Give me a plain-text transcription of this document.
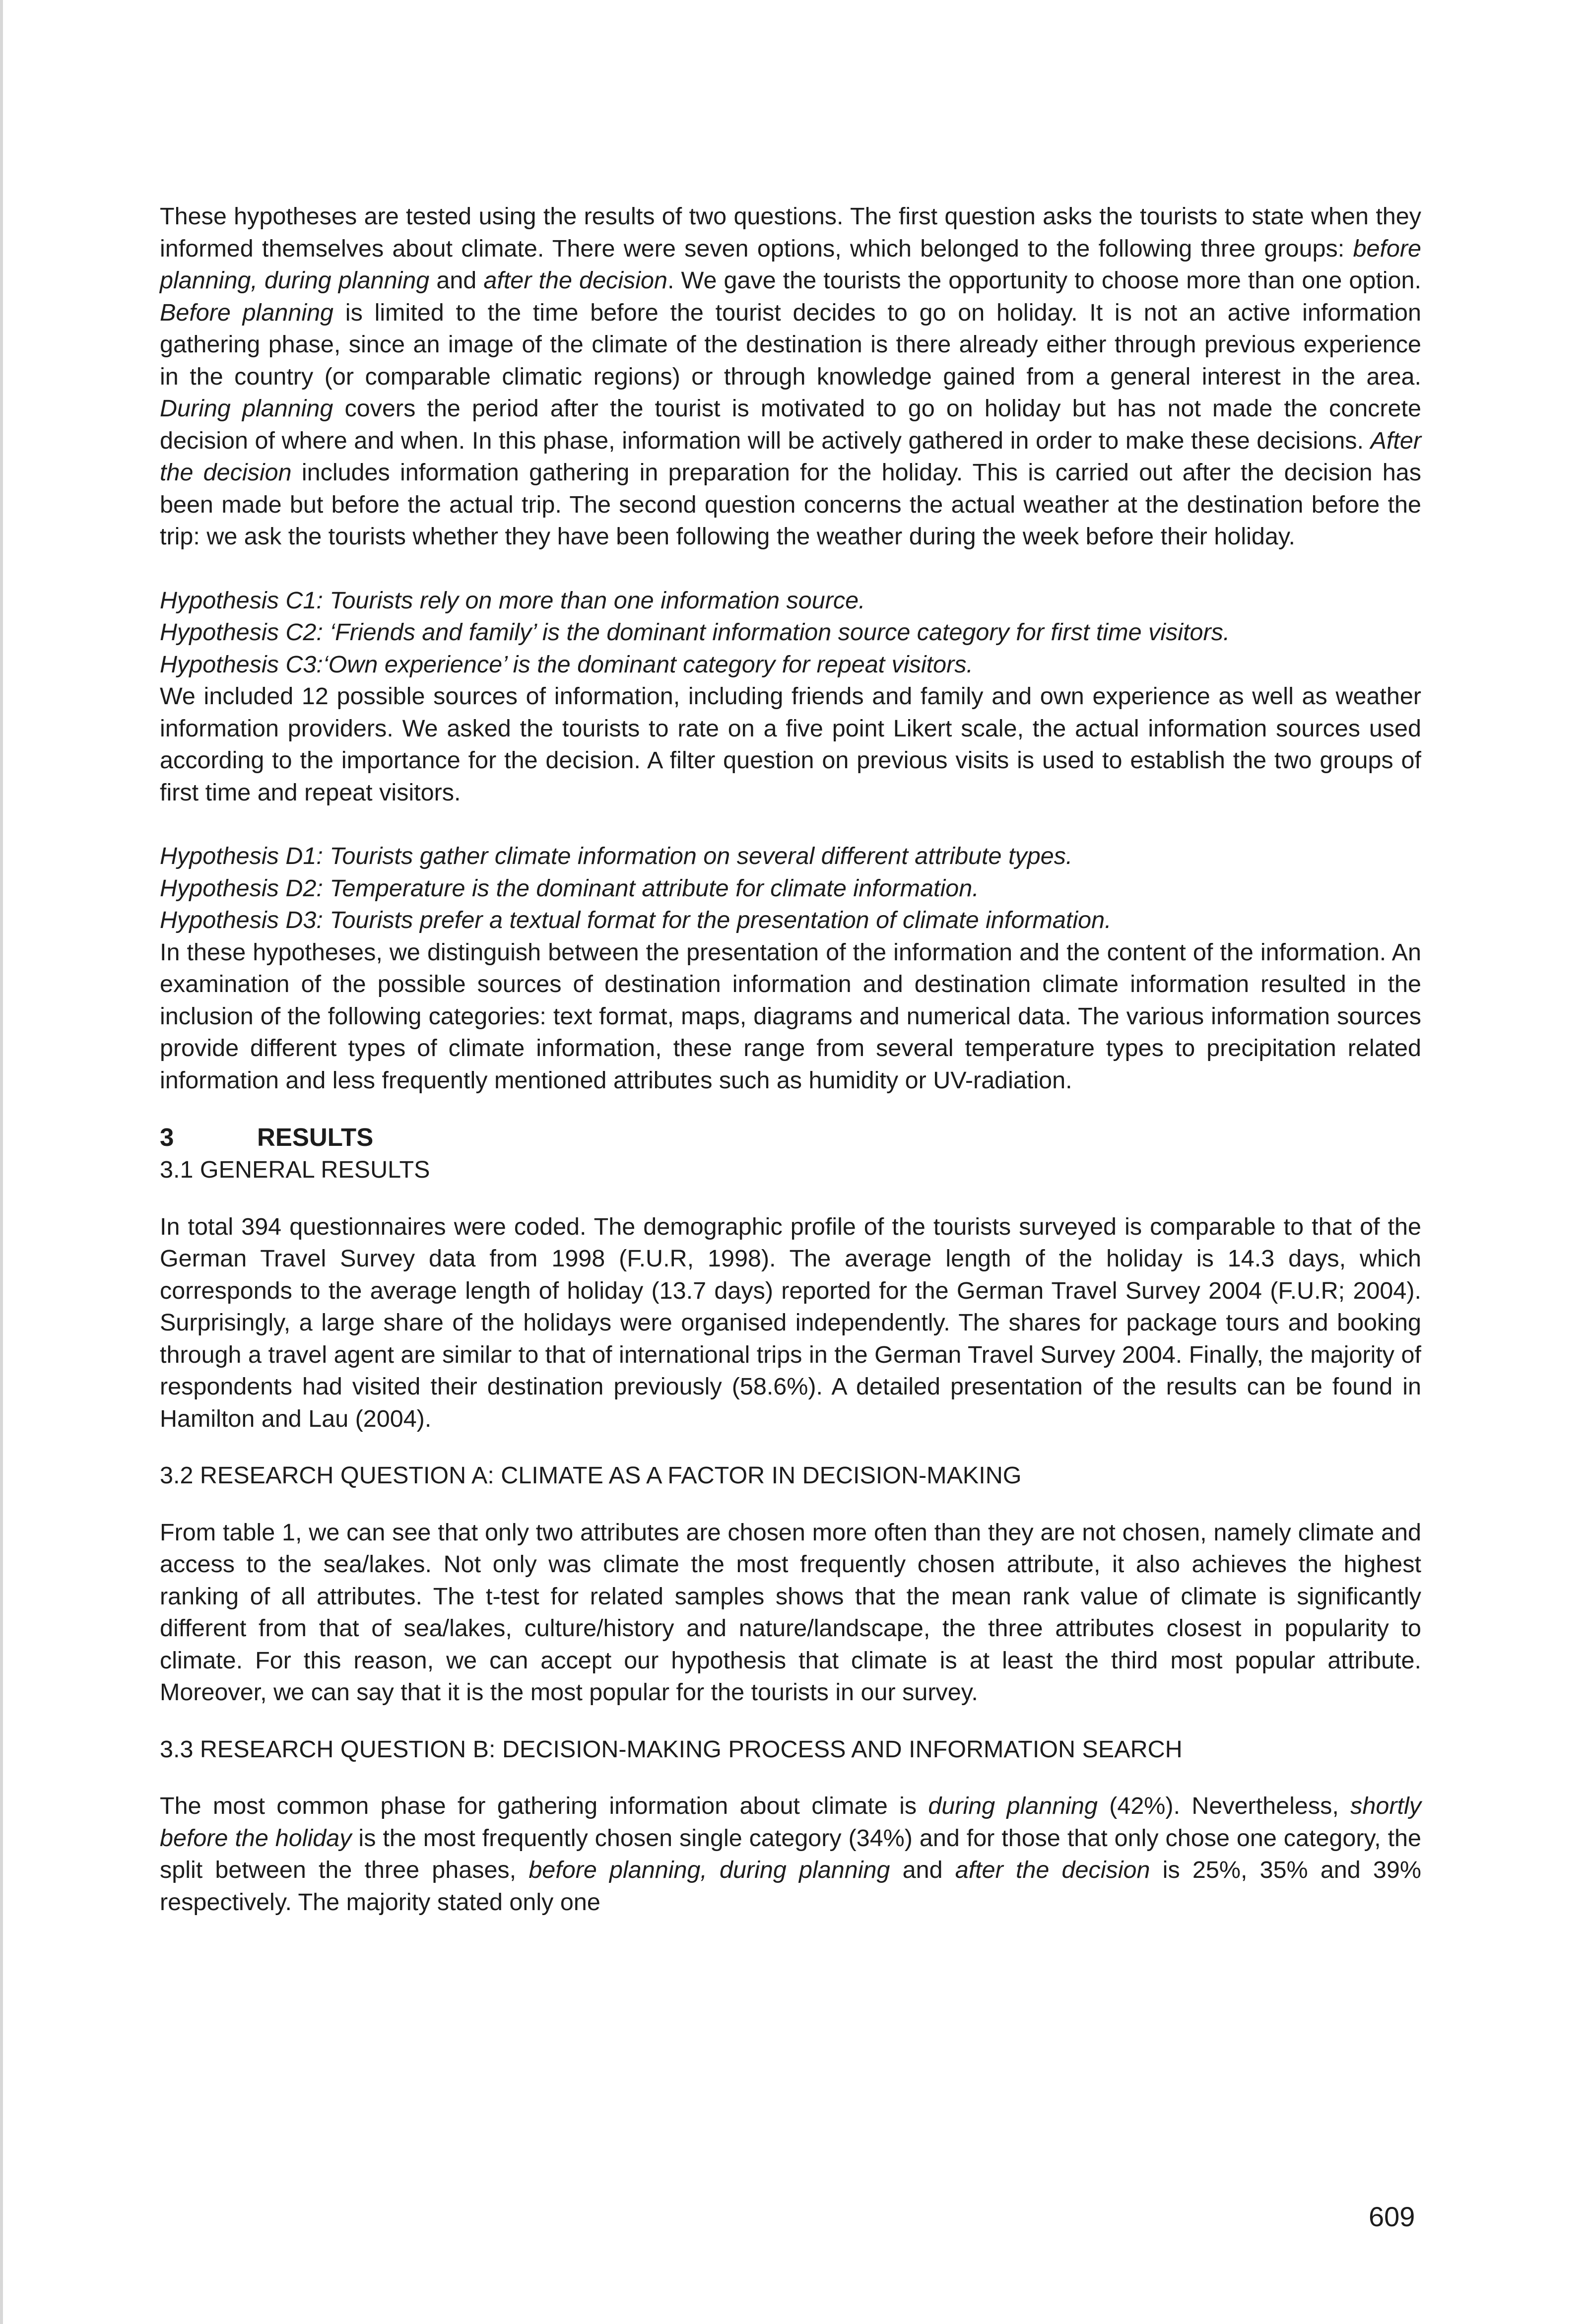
These hypotheses are tested using the results of two questions. The first question asks the tourists to state when they informed themselves about climate. There were seven options, which belonged to the following three groups: before planning, during planning and after the decision. We gave the tourists the opportunity to choose more than one option. Before planning is limited to the time before the tourist decides to go on holiday. It is not an active information gathering phase, since an image of the climate of the destination is there already either through previous experience in the country (or comparable climatic regions) or through knowledge gained from a general interest in the area. During planning covers the period after the tourist is motivated to go on holiday but has not made the concrete decision of where and when. In this phase, information will be actively gathered in order to make these decisions. After the decision includes information gathering in preparation for the holiday. This is carried out after the decision has been made but before the actual trip. The second question concerns the actual weather at the destination before the trip: we ask the tourists whether they have been following the weather during the week before their holiday.

Hypothesis C1: Tourists rely on more than one information source.

Hypothesis C2: ‘Friends and family’ is the dominant information source category for first time visitors.

Hypothesis C3:‘Own experience’ is the dominant category for repeat visitors.

We included 12 possible sources of information, including friends and family and own experience as well as weather information providers. We asked the tourists to rate on a five point Likert scale, the actual information sources used according to the importance for the decision. A filter question on previous visits is used to establish the two groups of first time and repeat visitors.

Hypothesis D1: Tourists gather climate information on several different attribute types.

Hypothesis D2: Temperature is the dominant attribute for climate information.

Hypothesis D3: Tourists prefer a textual format for the presentation of climate information.

In these hypotheses, we distinguish between the presentation of the information and the content of the information. An examination of the possible sources of destination information and destination climate information resulted in the inclusion of the following categories: text format, maps, diagrams and numerical data. The various information sources provide different types of climate information, these range from several temperature types to precipitation related information and less frequently mentioned attributes such as humidity or UV-radiation.

3	RESULTS

3.1 GENERAL RESULTS

In total 394 questionnaires were coded. The demographic profile of the tourists surveyed is comparable to that of the German Travel Survey data from 1998 (F.U.R, 1998). The average length of the holiday is 14.3 days, which corresponds to the average length of holiday (13.7 days) reported for the German Travel Survey 2004 (F.U.R; 2004). Surprisingly, a large share of the holidays were organised independently. The shares for package tours and booking through a travel agent are similar to that of international trips in the German Travel Survey 2004. Finally, the majority of respondents had visited their destination previously (58.6%). A detailed presentation of the results can be found in Hamilton and Lau (2004).

3.2 RESEARCH QUESTION A: CLIMATE AS A FACTOR IN DECISION-MAKING

From table 1, we can see that only two attributes are chosen more often than they are not chosen, namely climate and access to the sea/lakes. Not only was climate the most frequently chosen attribute, it also achieves the highest ranking of all attributes. The t-test for related samples shows that the mean rank value of climate is significantly different from that of sea/lakes, culture/history and nature/landscape, the three attributes closest in popularity to climate. For this reason, we can accept our hypothesis that climate is at least the third most popular attribute. Moreover, we can say that it is the most popular for the tourists in our survey.

3.3 RESEARCH QUESTION B: DECISION-MAKING PROCESS AND INFORMATION SEARCH

The most common phase for gathering information about climate is during planning (42%). Nevertheless, shortly before the holiday is the most frequently chosen single category (34%) and for those that only chose one category, the split between the three phases, before planning, during planning and after the decision is 25%, 35% and 39% respectively. The majority stated only one

609
